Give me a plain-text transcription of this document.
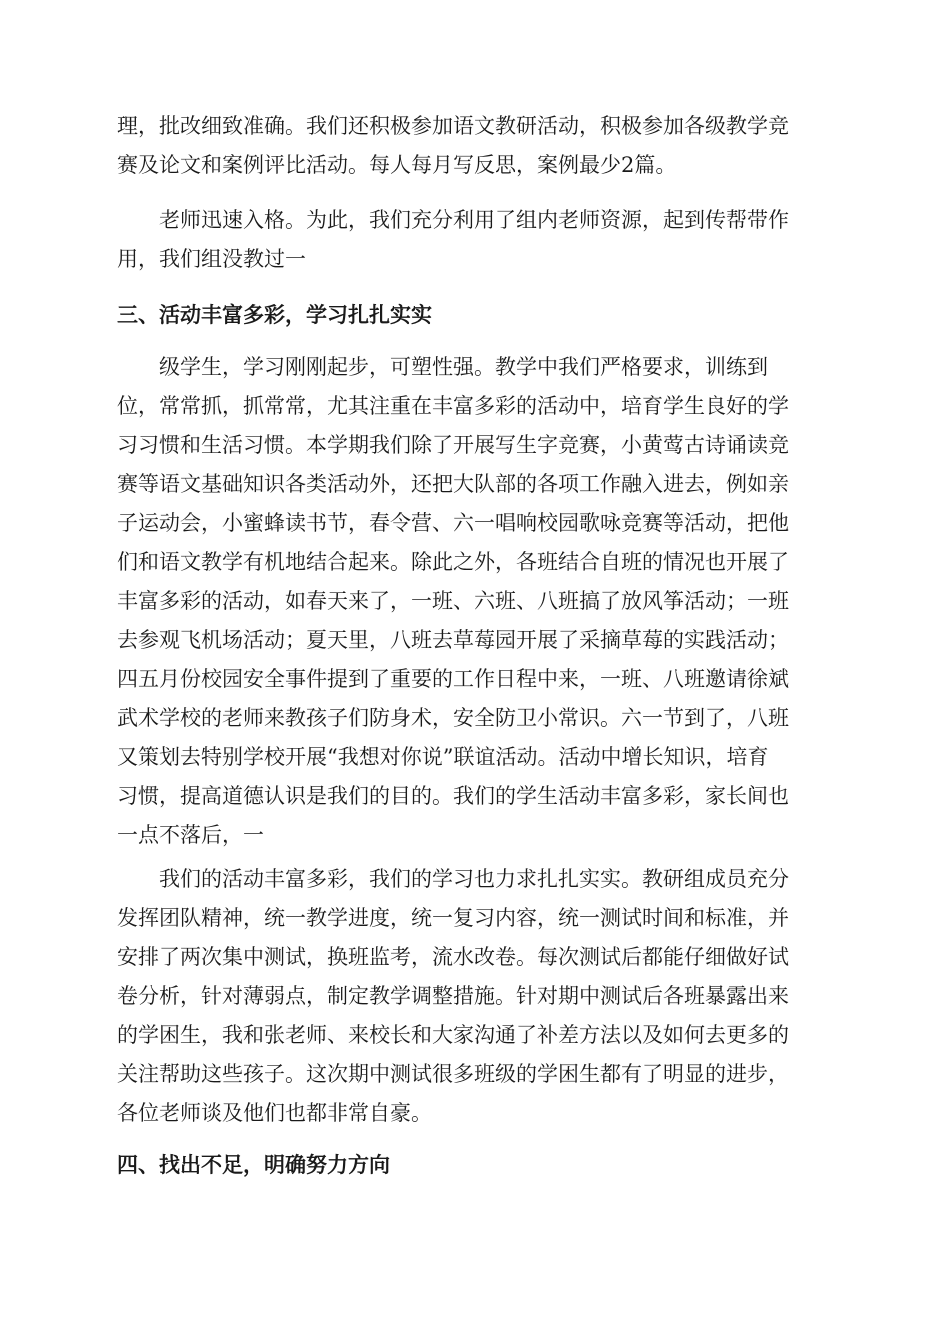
理，批改细致准确。我们还积极参加语文教研活动，积极参加各级教学竞
赛及论文和案例评比活动。每人每月写反思，案例最少2篇。
老师迅速入格。为此，我们充分利用了组内老师资源，起到传帮带作
用，我们组没教过一
三、活动丰富多彩，学习扎扎实实
级学生，学习刚刚起步，可塑性强。教学中我们严格要求，训练到
位，常常抓，抓常常，尤其注重在丰富多彩的活动中，培育学生良好的学
习习惯和生活习惯。本学期我们除了开展写生字竞赛，小黄莺古诗诵读竞
赛等语文基础知识各类活动外，还把大队部的各项工作融入进去，例如亲
子运动会，小蜜蜂读书节，春令营、六一唱响校园歌咏竞赛等活动，把他
们和语文教学有机地结合起来。除此之外，各班结合自班的情况也开展了
丰富多彩的活动，如春天来了，一班、六班、八班搞了放风筝活动；一班
去参观飞机场活动；夏天里，八班去草莓园开展了采摘草莓的实践活动；
四五月份校园安全事件提到了重要的工作日程中来，一班、八班邀请徐斌
武术学校的老师来教孩子们防身术，安全防卫小常识。六一节到了，八班
又策划去特别学校开展“我想对你说”联谊活动。活动中增长知识，培育
习惯，提高道德认识是我们的目的。我们的学生活动丰富多彩，家长间也
一点不落后，一
我们的活动丰富多彩，我们的学习也力求扎扎实实。教研组成员充分
发挥团队精神，统一教学进度，统一复习内容，统一测试时间和标准，并
安排了两次集中测试，换班监考，流水改卷。每次测试后都能仔细做好试
卷分析，针对薄弱点，制定教学调整措施。针对期中测试后各班暴露出来
的学困生，我和张老师、来校长和大家沟通了补差方法以及如何去更多的
关注帮助这些孩子。这次期中测试很多班级的学困生都有了明显的进步，
各位老师谈及他们也都非常自豪。
四、找出不足，明确努力方向
